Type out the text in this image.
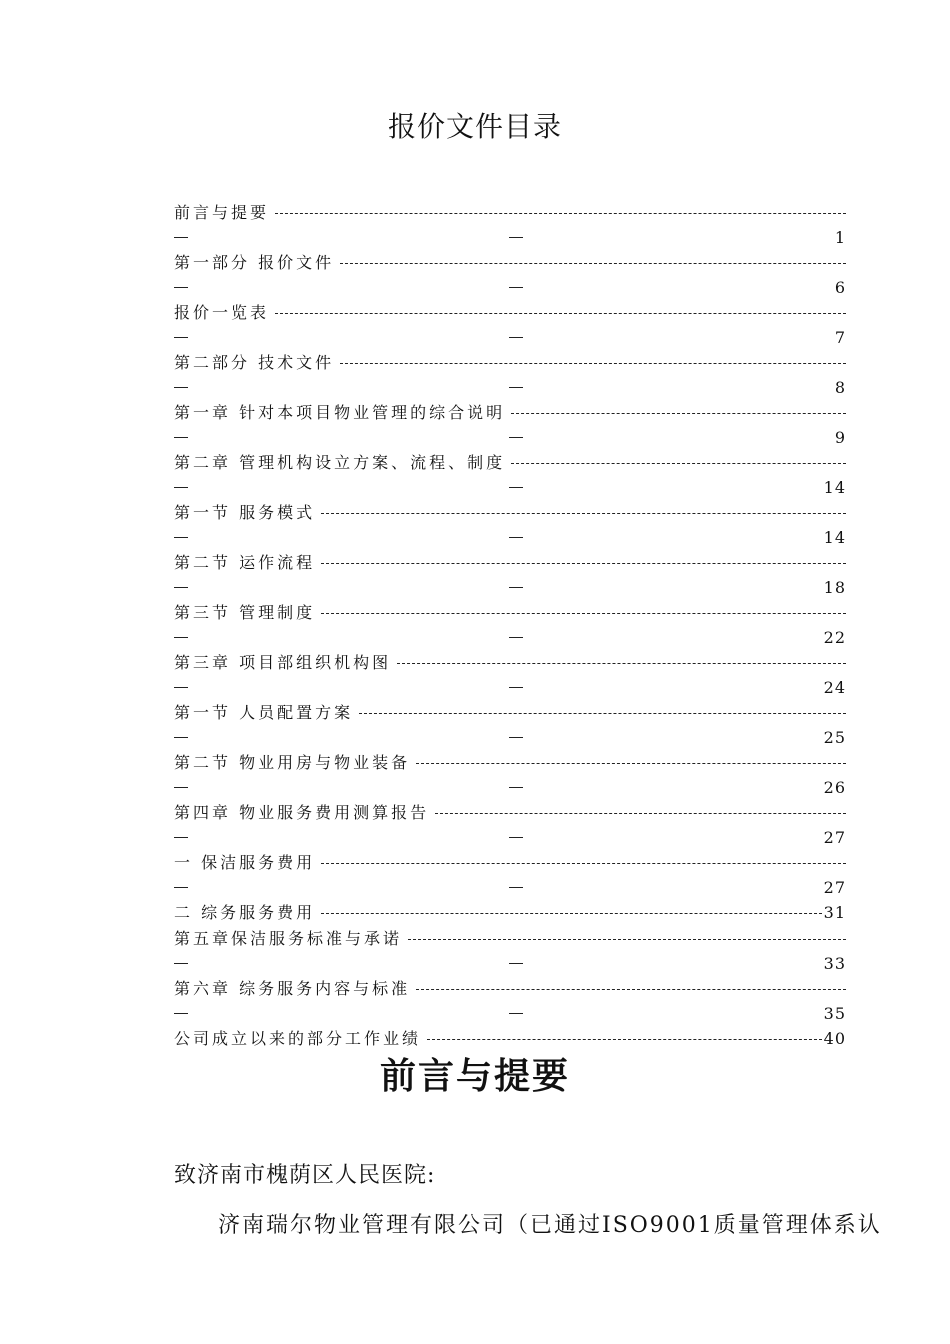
报价文件目录
前言与提要
1
第一部分 报价文件
6
报价一览表
7
第二部分 技术文件
8
第一章 针对本项目物业管理的综合说明
9
第二章 管理机构设立方案、流程、制度
14
第一节 服务模式
14
第二节 运作流程
18
第三节 管理制度
22
第三章 项目部组织机构图
24
第一节 人员配置方案
25
第二节 物业用房与物业装备
26
第四章 物业服务费用测算报告
27
一 保洁服务费用
27
二 综务服务费用	31
第五章保洁服务标准与承诺
33
第六章 综务服务内容与标准
35
公司成立以来的部分工作业绩	40
前言与提要
致济南市槐荫区人民医院:
济南瑞尔物业管理有限公司（已通过ISO9001质量管理体系认
